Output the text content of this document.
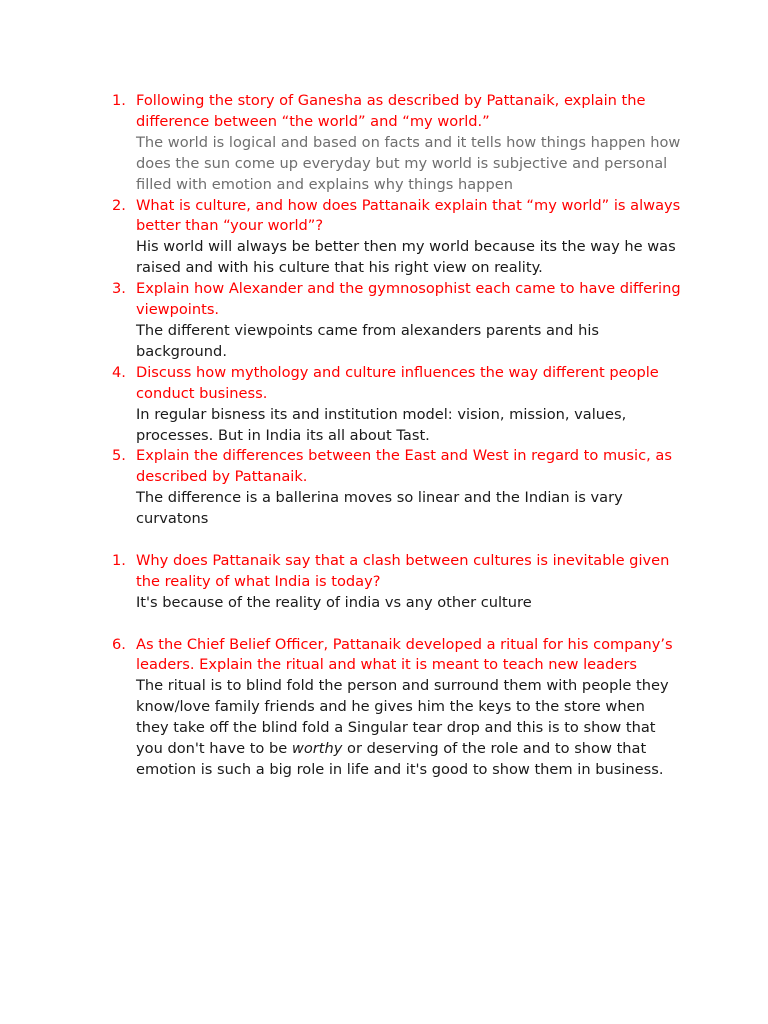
1. Following the story of Ganesha as described by Pattanaik, explain the difference between “the world” and “my world.”

The world is logical and based on facts and it tells how things happen how does the sun come up everyday but my world is subjective and personal filled with emotion and explains why things happen

2. What is culture, and how does Pattanaik explain that “my world” is always better than “your world”?

His world will always be better then my world because its the way he was raised and with his culture that his right view on reality.

3. Explain how Alexander and the gymnosophist each came to have differing viewpoints.

The different viewpoints came from alexanders parents and his background.

4. Discuss how mythology and culture influences the way different people conduct business.

In regular bisness its and institution model: vision, mission, values, processes. But in India its all about Tast.

5. Explain the differences between the East and West in regard to music, as described by Pattanaik.

The difference is a ballerina moves so linear and the Indian is vary curvatons

1. Why does Pattanaik say that a clash between cultures is inevitable given the reality of what India is today?

It's because of the reality of india vs any other culture

6. As the Chief Belief Officer, Pattanaik developed a ritual for his company’s leaders. Explain the ritual and what it is meant to teach new leaders

The ritual is to blind fold the person and surround them with people they know/love family friends and he gives him the keys to the store when they take off the blind fold a Singular tear drop and this is to show that you don't have to be worthy or deserving of the role and to show that emotion is such a big role in life and it's good to show them in business.
